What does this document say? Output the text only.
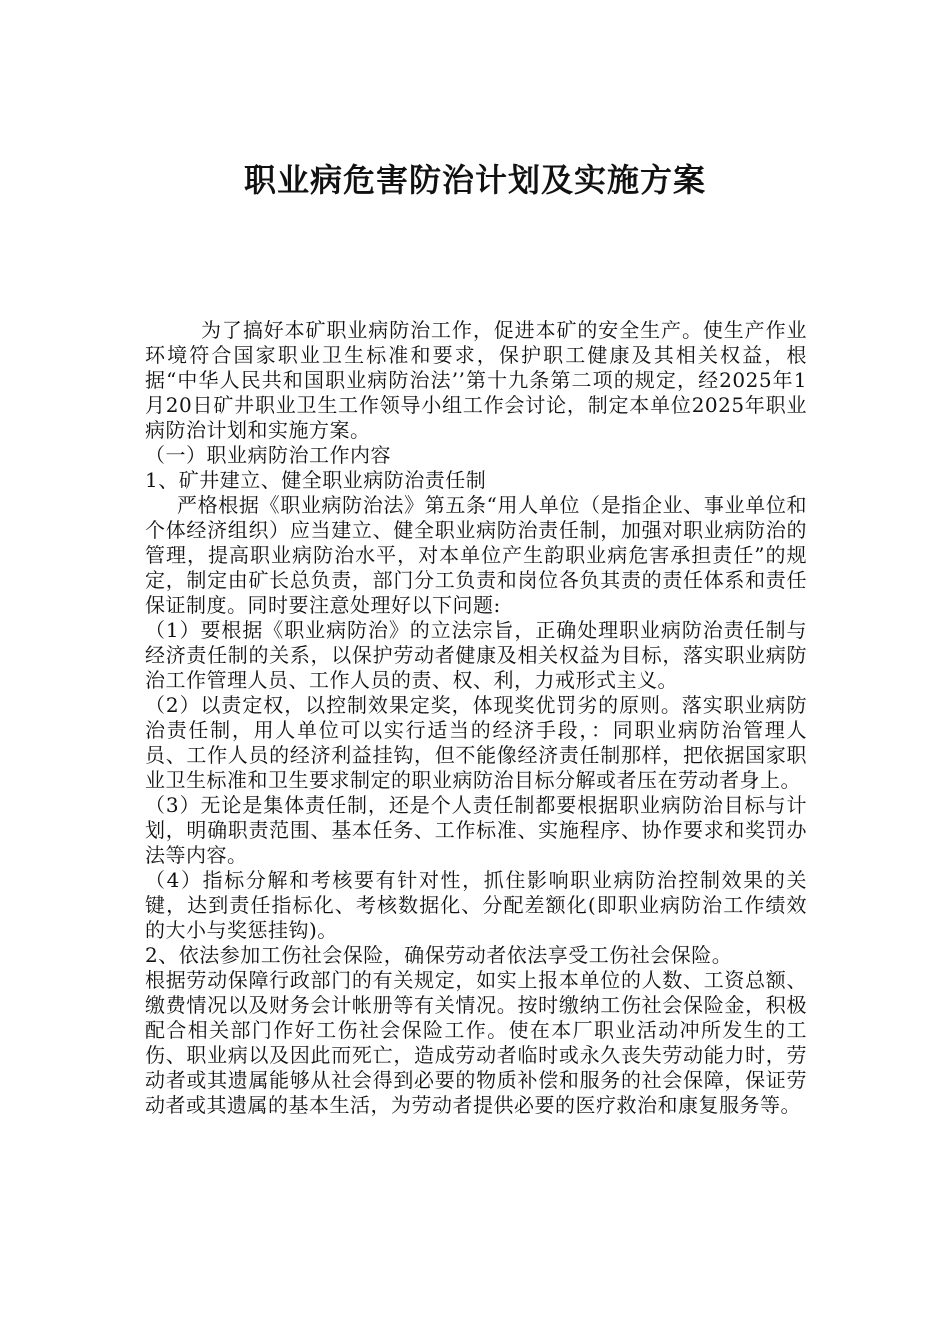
职业病危害防治计划及实施方案

为了搞好本矿职业病防治工作，促进本矿的安全生产。使生产作业环境符合国家职业卫生标准和要求，保护职工健康及其相关权益，根据“中华人民共和国职业病防治法’’第十九条第二项的规定，经2025年1月20日矿井职业卫生工作领导小组工作会讨论，制定本单位2025年职业病防治计划和实施方案。

（一）职业病防治工作内容

1、矿井建立、健全职业病防治责任制

严格根据《职业病防治法》第五条“用人单位（是指企业、事业单位和个体经济组织）应当建立、健全职业病防治责任制，加强对职业病防治的管理，提高职业病防治水平，对本单位产生韵职业病危害承担责任”的规定，制定由矿长总负责，部门分工负责和岗位各负其责的责任体系和责任保证制度。同时要注意处理好以下问题:

（1）要根据《职业病防治》的立法宗旨，正确处理职业病防治责任制与经济责任制的关系，以保护劳动者健康及相关权益为目标，落实职业病防治工作管理人员、工作人员的责、权、利，力戒形式主义。

（2）以责定权，以控制效果定奖，体现奖优罚劣的原则。落实职业病防治责任制，用人单位可以实行适当的经济手段，：同职业病防治管理人员、工作人员的经济利益挂钩，但不能像经济责任制那样，把依据国家职业卫生标准和卫生要求制定的职业病防治目标分解或者压在劳动者身上。

（3）无论是集体责任制，还是个人责任制都要根据职业病防治目标与计划，明确职责范围、基本任务、工作标准、实施程序、协作要求和奖罚办法等内容。

（4）指标分解和考核要有针对性，抓住影响职业病防治控制效果的关键，达到责任指标化、考核数据化、分配差额化(即职业病防治工作绩效的大小与奖惩挂钩)。

2、依法参加工伤社会保险，确保劳动者依法享受工伤社会保险。

根据劳动保障行政部门的有关规定，如实上报本单位的人数、工资总额、缴费情况以及财务会计帐册等有关情况。按时缴纳工伤社会保险金，积极配合相关部门作好工伤社会保险工作。使在本厂职业活动冲所发生的工伤、职业病以及因此而死亡，造成劳动者临时或永久丧失劳动能力时，劳动者或其遗属能够从社会得到必要的物质补偿和服务的社会保障，保证劳动者或其遗属的基本生活，为劳动者提供必要的医疗救治和康复服务等。
